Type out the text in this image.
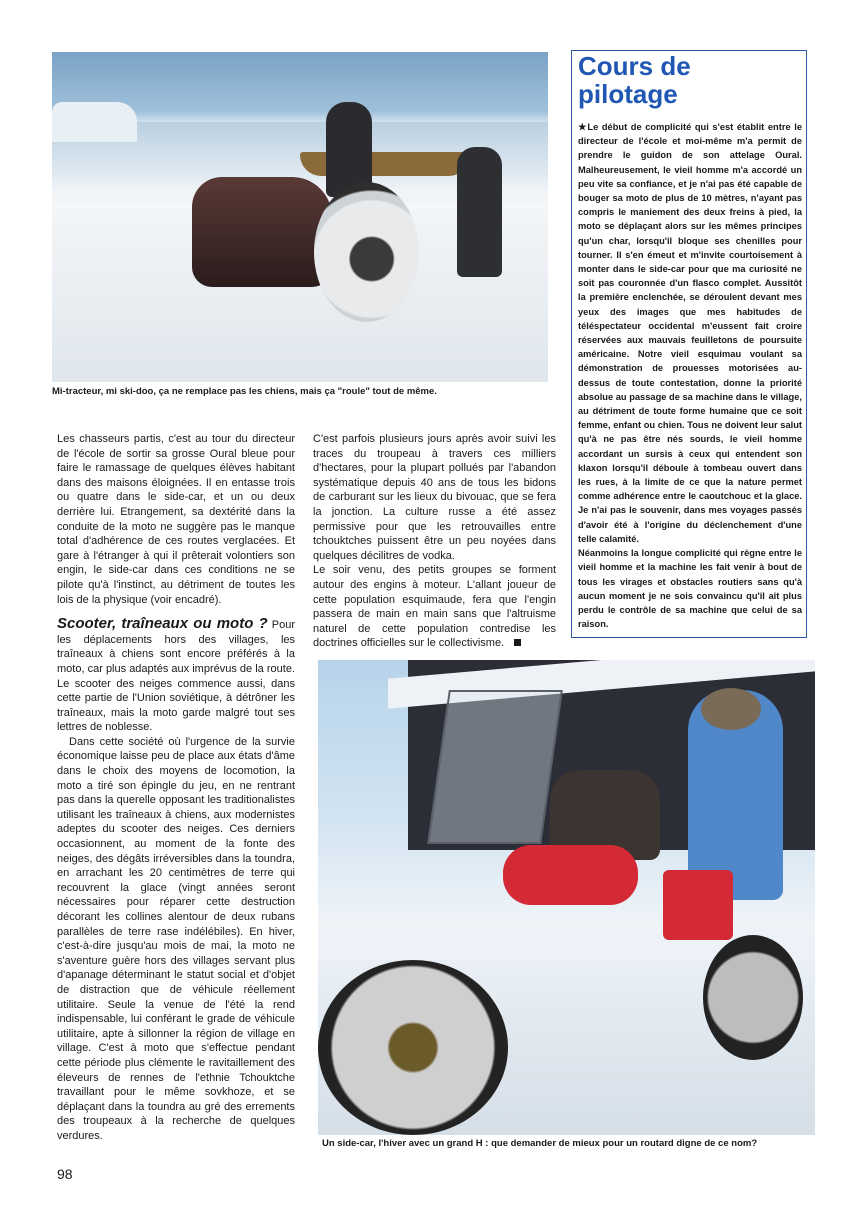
Mi-tracteur, mi ski-doo, ça ne remplace pas les chiens, mais ça "roule" tout de même.
Cours de
pilotage

★Le début de complicité qui s'est établit entre le directeur de l'école et moi-même m'a permit de prendre le guidon de son attelage Oural. Malheureusement, le vieil homme m'a accordé un peu vite sa confiance, et je n'ai pas été capable de bouger sa moto de plus de 10 mètres, n'ayant pas compris le maniement des deux freins à pied, la moto se déplaçant alors sur les mêmes principes qu'un char, lorsqu'il bloque ses chenilles pour tourner. Il s'en émeut et m'invite courtoisement à monter dans le side-car pour que ma curiosité ne soit pas couronnée d'un flasco complet. Aussitôt la première enclenchée, se déroulent devant mes yeux des images que mes habitudes de téléspectateur occidental m'eussent fait croire réservées aux mauvais feuilletons de poursuite américaine. Notre vieil esquimau voulant sa démonstration de prouesses motorisées au-dessus de toute contestation, donne la priorité absolue au passage de sa machine dans le village, au détriment de toute forme humaine que ce soit femme, enfant ou chien. Tous ne doivent leur salut qu'à ne pas être nés sourds, le vieil homme accordant un sursis à ceux qui entendent son klaxon lorsqu'il déboule à tombeau ouvert dans les rues, à la limite de ce que la nature permet comme adhérence entre le caoutchouc et la glace. Je n'ai pas le souvenir, dans mes voyages passés d'avoir été à l'origine du déclenchement d'une telle calamité.

Néanmoins la longue complicité qui règne entre le vieil homme et la machine les fait venir à bout de tous les virages et obstacles routiers sans qu'à aucun moment je ne sois convaincu qu'il ait plus perdu le contrôle de sa machine que celui de sa raison.

Les chasseurs partis, c'est au tour du directeur de l'école de sortir sa grosse Oural bleue pour faire le ramassage de quelques élèves habitant dans des maisons éloignées. Il en entasse trois ou quatre dans le side-car, et un ou deux derrière lui. Etrangement, sa dextérité dans la conduite de la moto ne suggère pas le manque total d'adhérence de ces routes verglacées. Et gare à l'étranger à qui il prêterait volontiers son engin, le side-car dans ces conditions ne se pilote qu'à l'instinct, au détriment de toutes les lois de la physique (voir encadré).

Scooter, traîneaux ou moto ? Pour les déplacements hors des villages, les traîneaux à chiens sont encore préférés à la moto, car plus adaptés aux imprévus de la route. Le scooter des neiges commence aussi, dans cette partie de l'Union soviétique, à détrôner les traîneaux, mais la moto garde malgré tout ses lettres de noblesse.

Dans cette société où l'urgence de la survie économique laisse peu de place aux états d'âme dans le choix des moyens de locomotion, la moto a tiré son épingle du jeu, en ne rentrant pas dans la querelle opposant les traditionalistes utilisant les traîneaux à chiens, aux modernistes adeptes du scooter des neiges. Ces derniers occasionnent, au moment de la fonte des neiges, des dégâts irréversibles dans la toundra, en arrachant les 20 centimètres de terre qui recouvrent la glace (vingt années seront nécessaires pour réparer cette destruction décorant les collines alentour de deux rubans parallèles de terre rase indélébiles). En hiver, c'est-à-dire jusqu'au mois de mai, la moto ne s'aventure guère hors des villages servant plus d'apanage déterminant le statut social et d'objet de distraction que de véhicule réellement utilitaire. Seule la venue de l'été la rend indispensable, lui conférant le grade de véhicule utilitaire, apte à sillonner la région de village en village. C'est à moto que s'effectue pendant cette période plus clémente le ravitaillement des éleveurs de rennes de l'ethnie Tchouktche travaillant pour le même sovkhoze, et se déplaçant dans la toundra au gré des errements des troupeaux à la recherche de quelques verdures.

C'est parfois plusieurs jours après avoir suivi les traces du troupeau à travers ces milliers d'hectares, pour la plupart pollués par l'abandon systématique depuis 40 ans de tous les bidons de carburant sur les lieux du bivouac, que se fera la jonction. La culture russe a été assez permissive pour que les retrouvailles entre tchouktches puissent être un peu noyées dans quelques décilitres de vodka.

Le soir venu, des petits groupes se forment autour des engins à moteur. L'allant joueur de cette population esquimaude, fera que l'engin passera de main en main sans que l'altruisme naturel de cette population contredise les doctrines officielles sur le collectivisme.

Un side-car, l'hiver avec un grand H : que demander de mieux pour un routard digne de ce nom?
98
